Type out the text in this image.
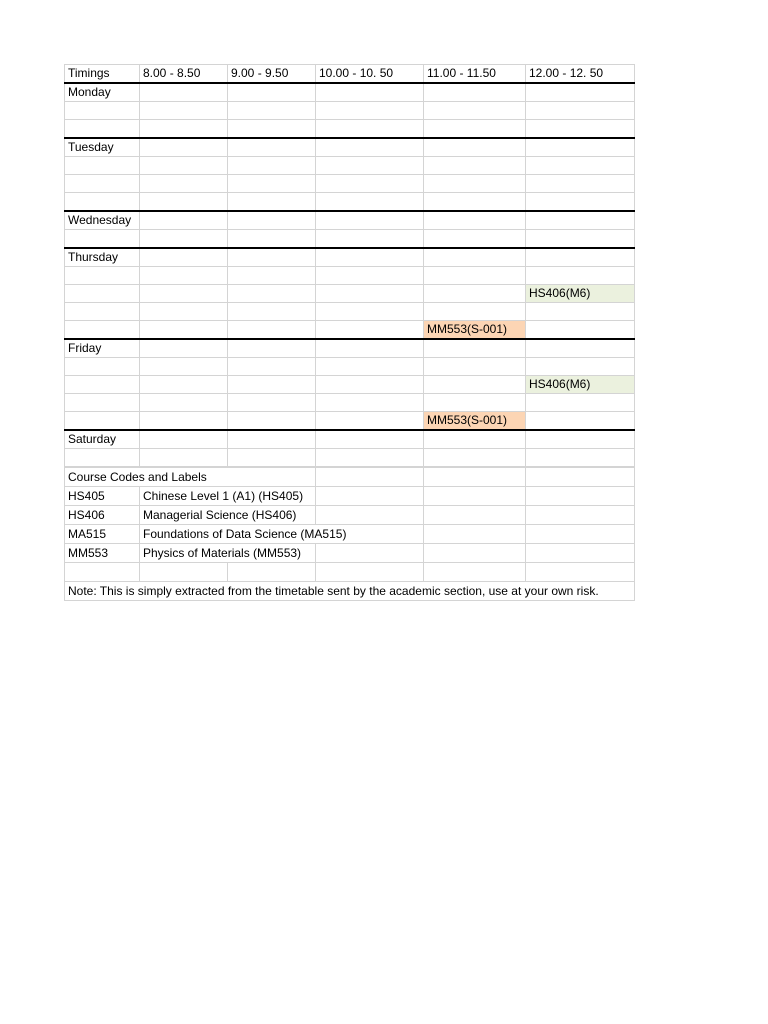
Timings	8.00 - 8.50	9.00 - 9.50	10.00 - 10. 50	11.00 - 11.50	12.00 - 12. 50
Monday					

Tuesday					

Wednesday					

Thursday					

					HS406(M6)

				MM553(S-001)	
Friday					

					HS406(M6)

				MM553(S-001)	
Saturday					

Course Codes and Labels					
HS405	Chinese Level 1 (A1) (HS405)				
HS406	Managerial Science (HS406)				
MA515	Foundations of Data Science (MA515)				
MM553	Physics of Materials (MM553)				

Note: This is simply extracted from the timetable sent by the academic section, use at your own risk.					
